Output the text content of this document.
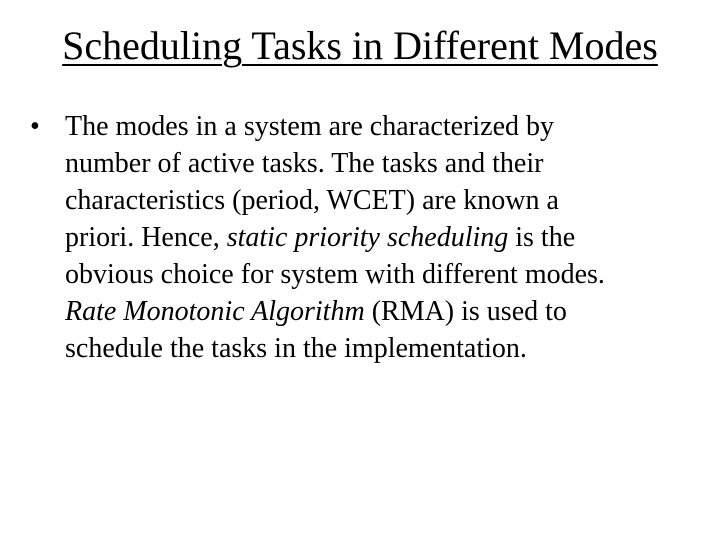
Scheduling Tasks in Different Modes
• The modes in a system are characterized by
number of active tasks. The tasks and their
characteristics (period, WCET) are known a
priori. Hence, static priority scheduling is the
obvious choice for system with different modes.
Rate Monotonic Algorithm (RMA) is used to
schedule the tasks in the implementation.
